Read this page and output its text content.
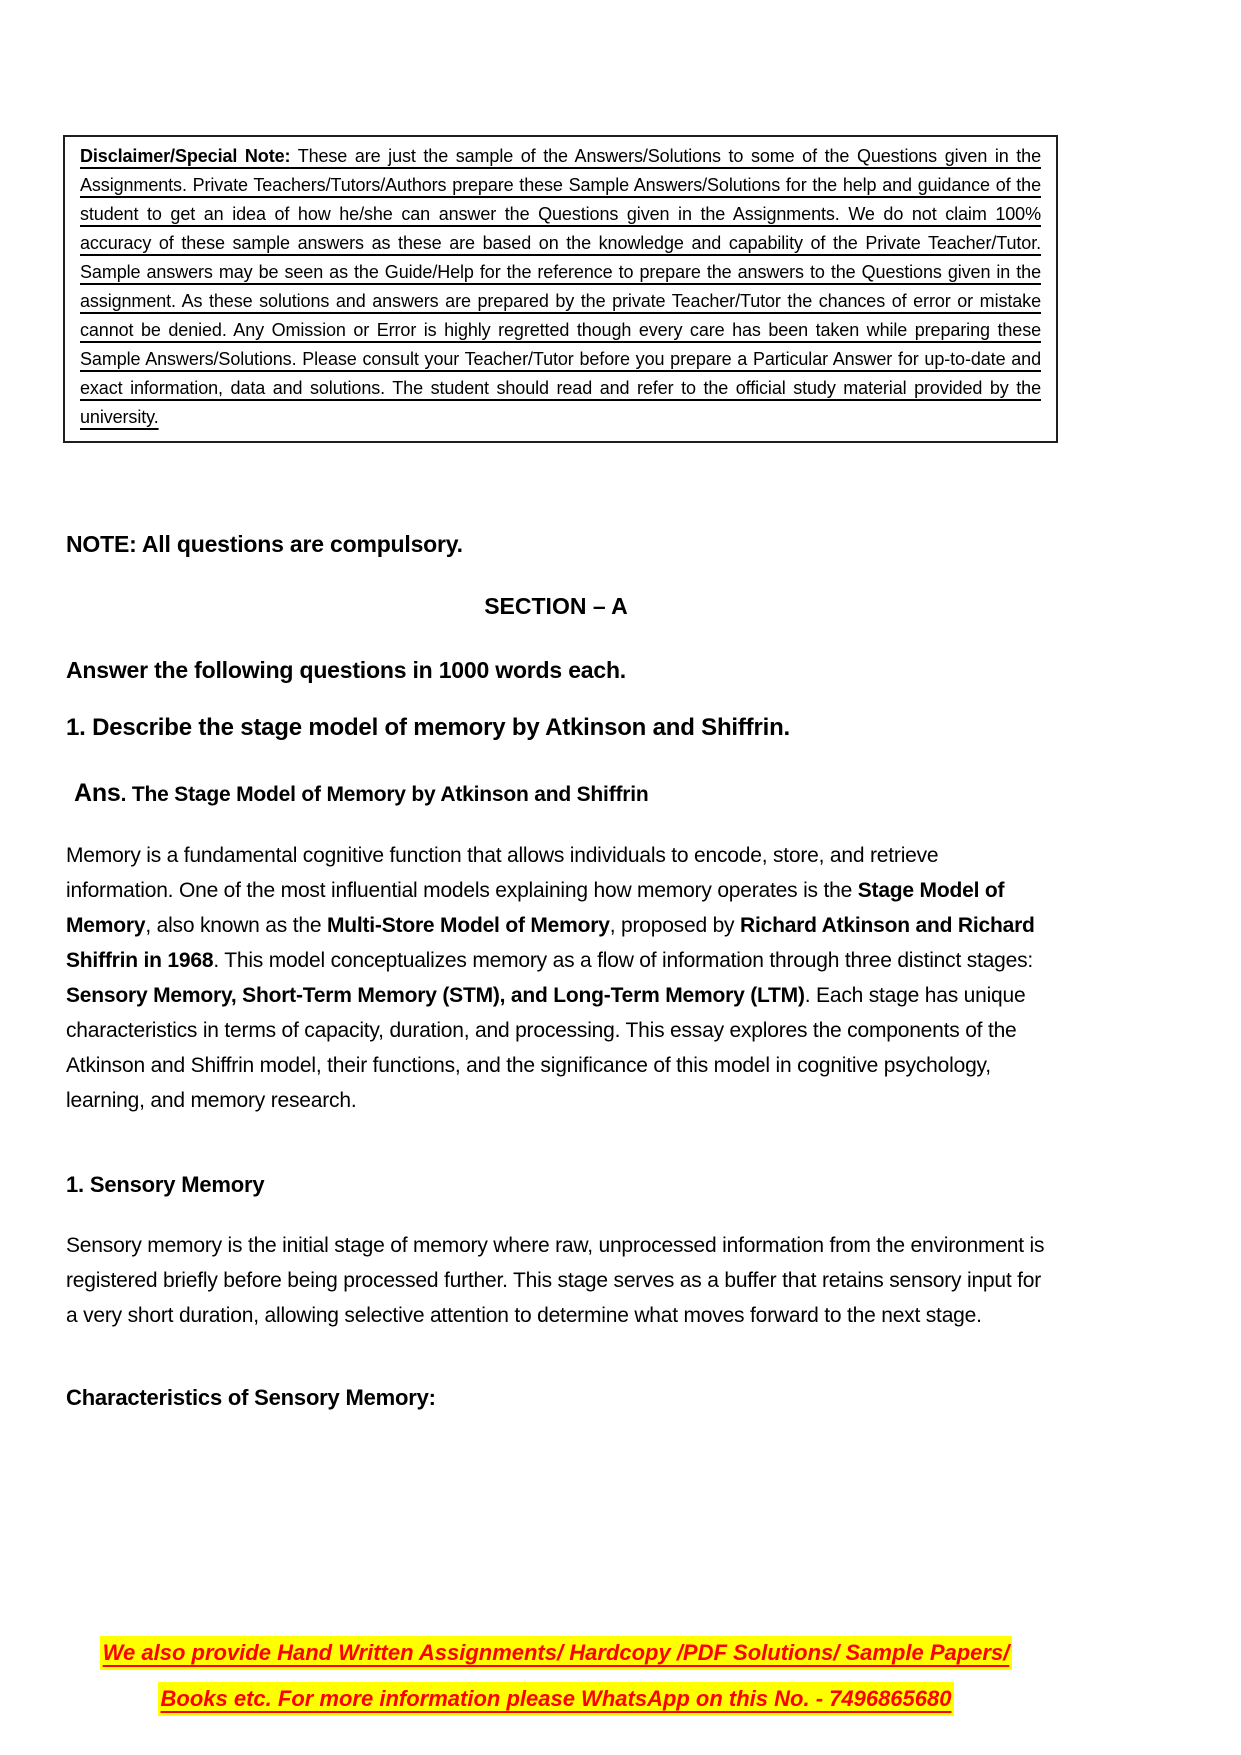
Disclaimer/Special Note: These are just the sample of the Answers/Solutions to some of the Questions given in the Assignments. Private Teachers/Tutors/Authors prepare these Sample Answers/Solutions for the help and guidance of the student to get an idea of how he/she can answer the Questions given in the Assignments. We do not claim 100% accuracy of these sample answers as these are based on the knowledge and capability of the Private Teacher/Tutor. Sample answers may be seen as the Guide/Help for the reference to prepare the answers to the Questions given in the assignment. As these solutions and answers are prepared by the private Teacher/Tutor the chances of error or mistake cannot be denied. Any Omission or Error is highly regretted though every care has been taken while preparing these Sample Answers/Solutions. Please consult your Teacher/Tutor before you prepare a Particular Answer for up-to-date and exact information, data and solutions. The student should read and refer to the official study material provided by the university.

NOTE: All questions are compulsory.
SECTION – A
Answer the following questions in 1000 words each.
1. Describe the stage model of memory by Atkinson and Shiffrin.

Ans. The Stage Model of Memory by Atkinson and Shiffrin

Memory is a fundamental cognitive function that allows individuals to encode, store, and retrieve information. One of the most influential models explaining how memory operates is the Stage Model of Memory, also known as the Multi-Store Model of Memory, proposed by Richard Atkinson and Richard Shiffrin in 1968. This model conceptualizes memory as a flow of information through three distinct stages: Sensory Memory, Short-Term Memory (STM), and Long-Term Memory (LTM). Each stage has unique characteristics in terms of capacity, duration, and processing. This essay explores the components of the Atkinson and Shiffrin model, their functions, and the significance of this model in cognitive psychology, learning, and memory research.

1. Sensory Memory

Sensory memory is the initial stage of memory where raw, unprocessed information from the environment is registered briefly before being processed further. This stage serves as a buffer that retains sensory input for a very short duration, allowing selective attention to determine what moves forward to the next stage.

Characteristics of Sensory Memory:
We also provide Hand Written Assignments/ Hardcopy /PDF Solutions/ Sample Papers/ Books etc. For more information please WhatsApp on this No. - 7496865680
